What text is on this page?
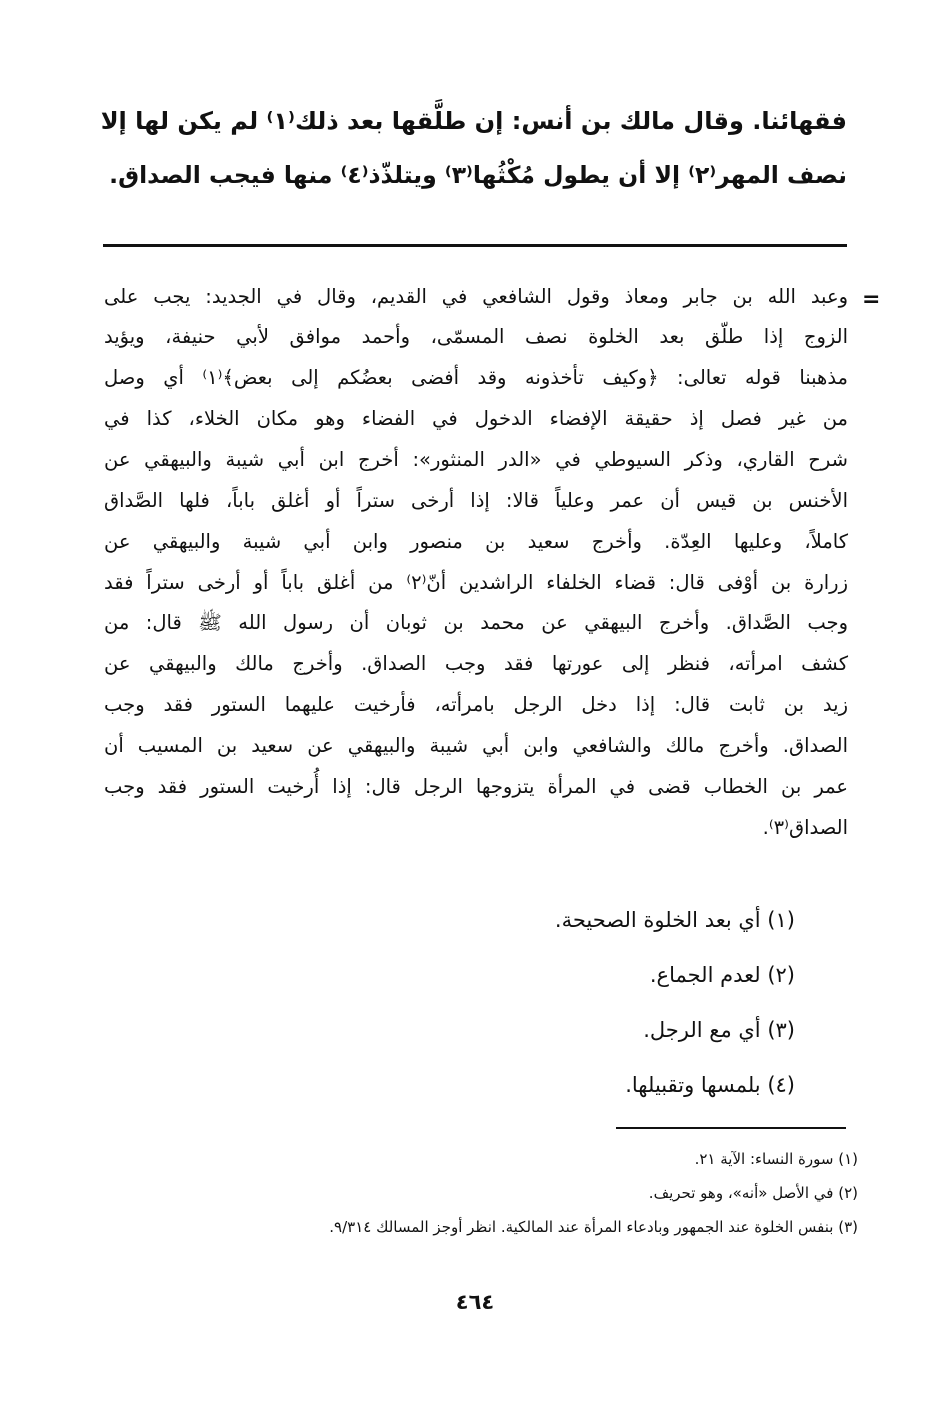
فقهائنا. وقال مالك بن أنس: إن طلَّقها بعد ذلك⁽١⁾ لم يكن لها إلا
نصف المهر⁽٢⁾ إلا أن يطول مُكْثُها⁽٣⁾ ويتلذّذ⁽٤⁾ منها فيجب الصداق.
=
وعبد الله بن جابر ومعاذ وقول الشافعي في القديم، وقال في الجديد: يجب على
الزوج إذا طلّق بعد الخلوة نصف المسمّى، وأحمد موافق لأبي حنيفة، ويؤيد
مذهبنا قوله تعالى: ﴿وكيف تأخذونه وقد أفضى بعضُكم إلى بعض﴾⁽١⁾ أي وصل
من غير فصل إذ حقيقة الإفضاء الدخول في الفضاء وهو مكان الخلاء، كذا في
شرح القاري، وذكر السيوطي في «الدر المنثور»: أخرج ابن أبي شيبة والبيهقي عن
الأخنس بن قيس أن عمر وعلياً قالا: إذا أرخى ستراً أو أغلق باباً، فلها الصَّداق
كاملاً، وعليها العِدّة. وأخرج سعيد بن منصور وابن أبي شيبة والبيهقي عن
زرارة بن أوْفى قال: قضاء الخلفاء الراشدين أنّ⁽٢⁾ من أغلق باباً أو أرخى ستراً فقد
وجب الصَّداق. وأخرج البيهقي عن محمد بن ثوبان أن رسول الله ﷺ قال: من
كشف امرأته، فنظر إلى عورتها فقد وجب الصداق. وأخرج مالك والبيهقي عن
زيد بن ثابت قال: إذا دخل الرجل بامرأته، فأرخيت عليهما الستور فقد وجب
الصداق. وأخرج مالك والشافعي وابن أبي شيبة والبيهقي عن سعيد بن المسيب أن
عمر بن الخطاب قضى في المرأة يتزوجها الرجل قال: إذا أُرخيت الستور فقد وجب
الصداق⁽٣⁾.
(١) أي بعد الخلوة الصحيحة.
(٢) لعدم الجماع.
(٣) أي مع الرجل.
(٤) بلمسها وتقبيلها.
(١) سورة النساء: الآية ٢١.
(٢) في الأصل «أنه»، وهو تحريف.
(٣) بنفس الخلوة عند الجمهور وبادعاء المرأة عند المالكية. انظر أوجز المسالك ٩/٣١٤.
٤٦٤
